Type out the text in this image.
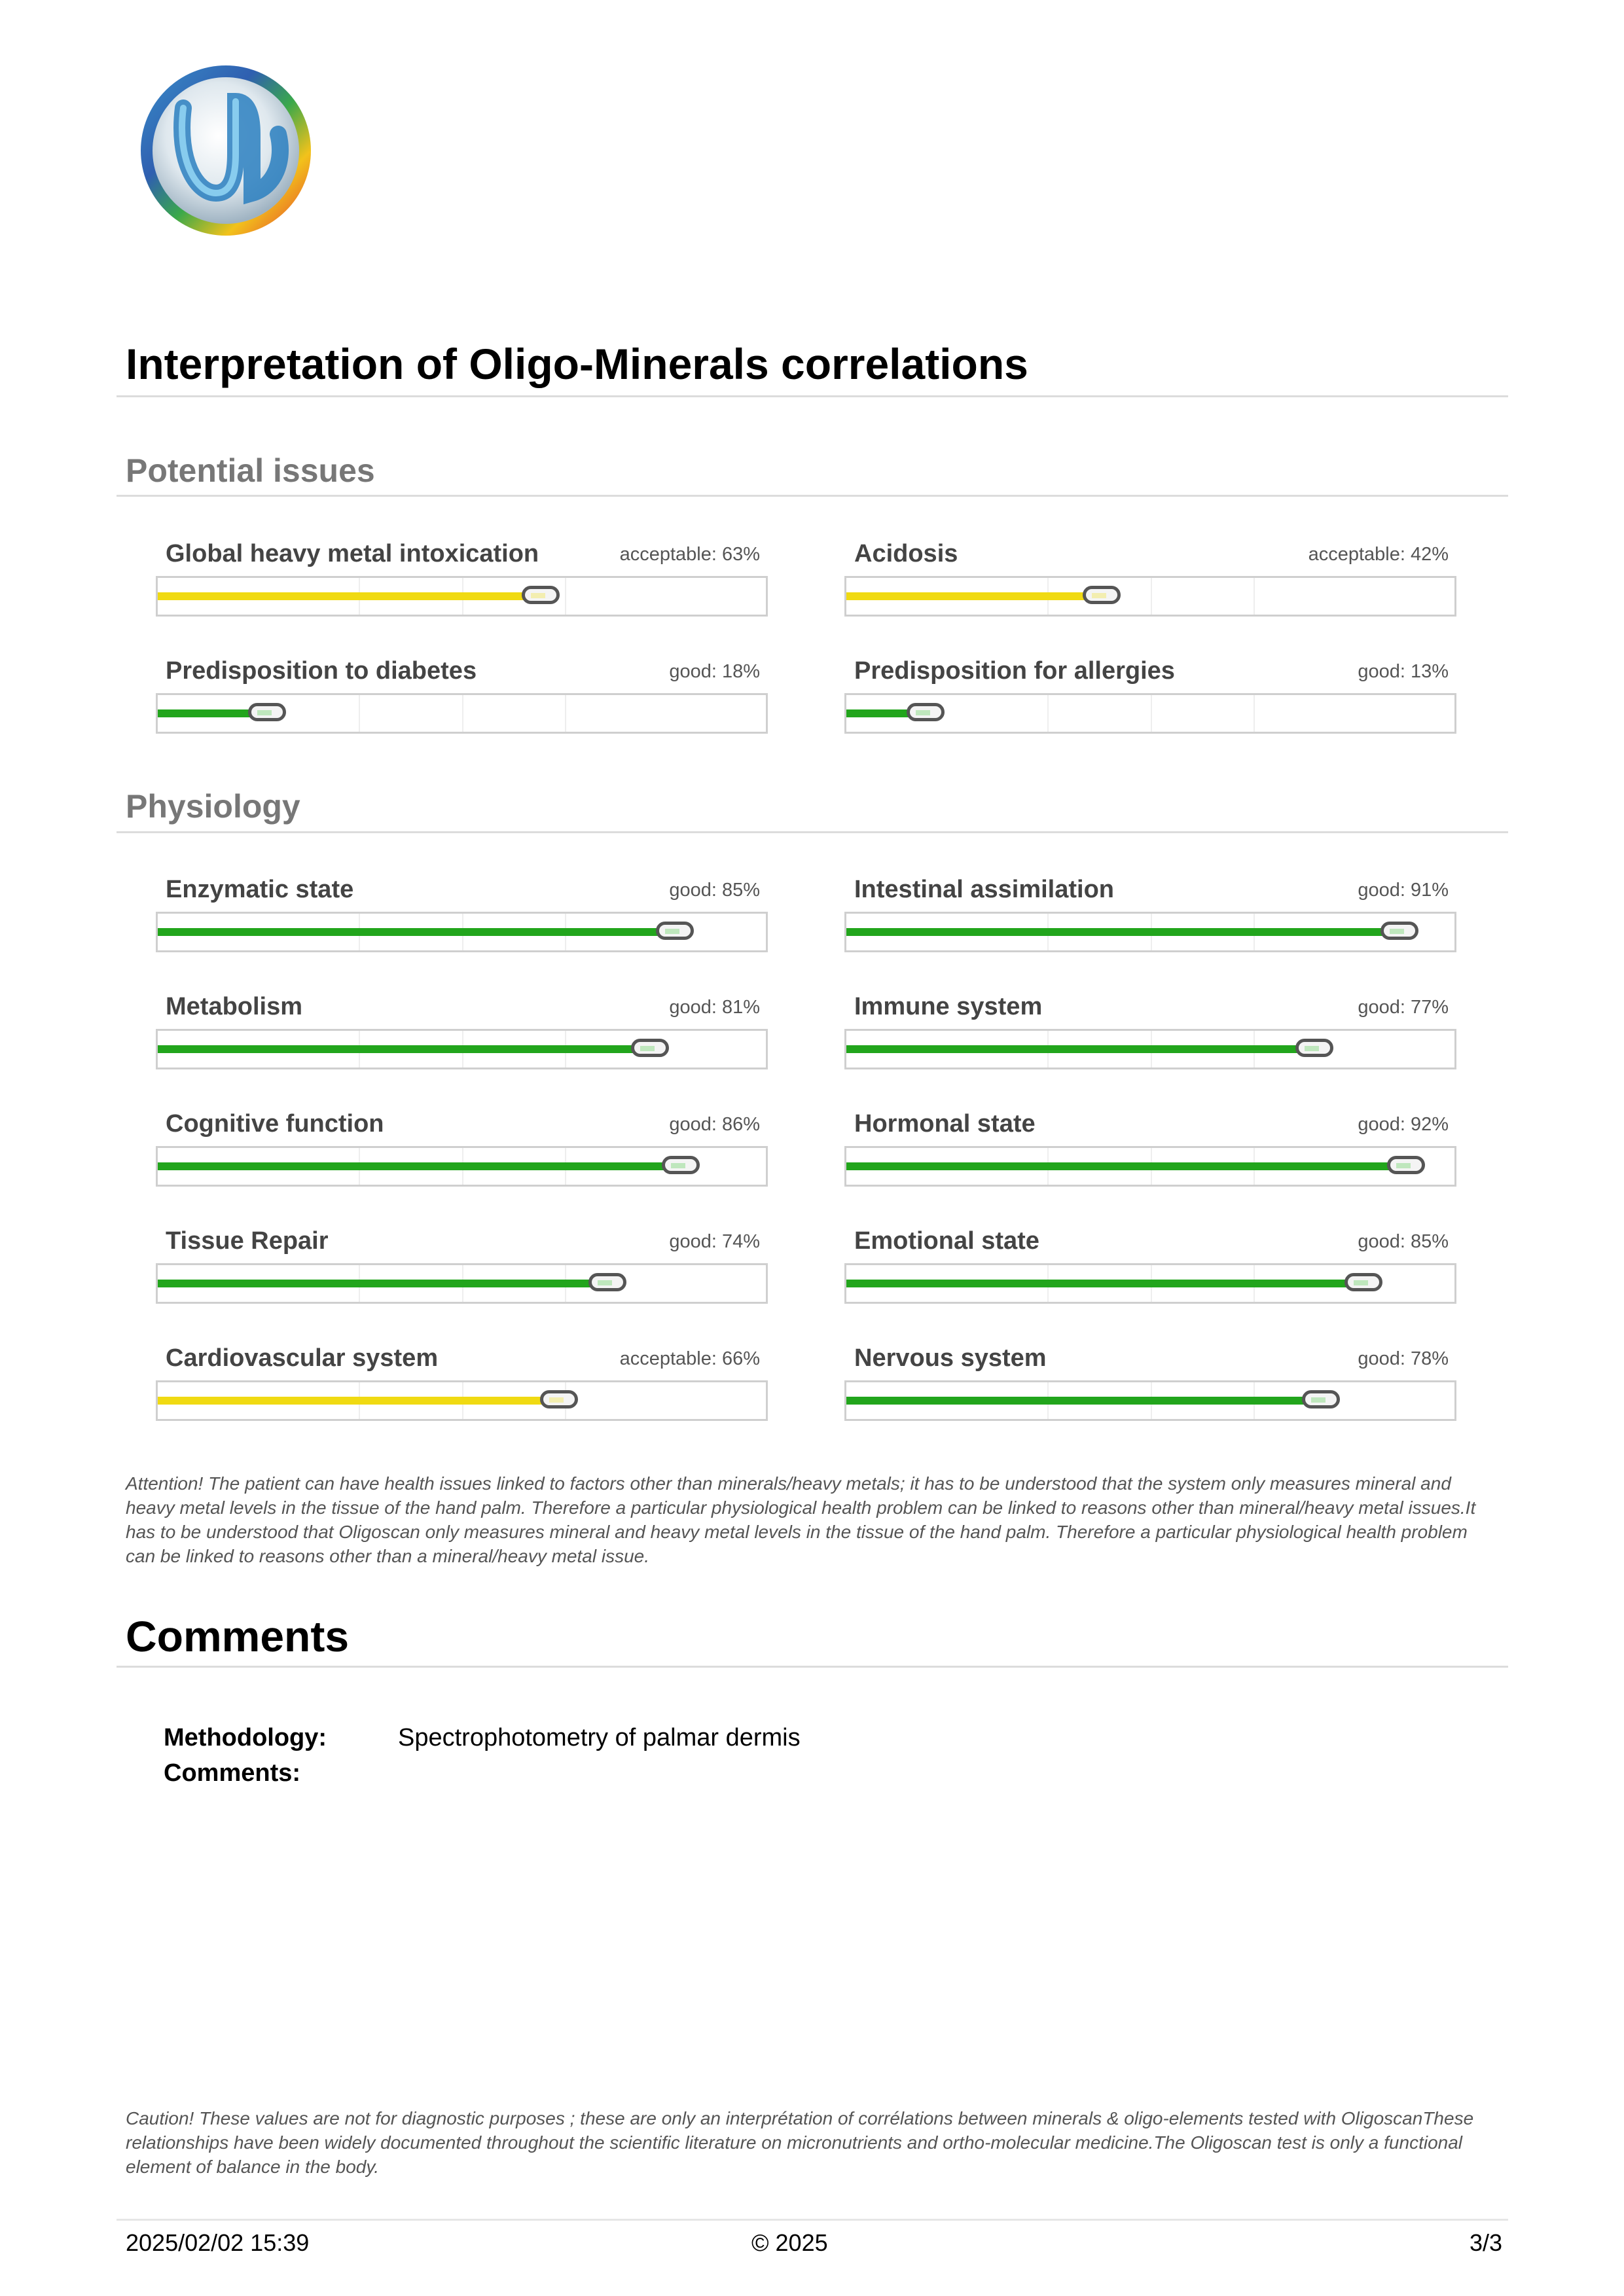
Interpretation of Oligo-Minerals correlations
Potential issues
Physiology
Global heavy metal intoxication	acceptable: 63%	Acidosis	acceptable: 42%
Predisposition to diabetes	good: 18%	Predisposition for allergies	good: 13%
Enzymatic state	good: 85%	Intestinal assimilation	good: 91%
Metabolism	good: 81%	Immune system	good: 77%
Cognitive function	good: 86%	Hormonal state	good: 92%
Tissue Repair	good: 74%	Emotional state	good: 85%
Cardiovascular system	acceptable: 66%	Nervous system	good: 78%
Attention! The patient can have health issues linked to factors other than minerals/heavy metals; it has to be understood that the system only measures mineral and heavy metal levels in the tissue of the hand palm. Therefore a particular physiological health problem can be linked to reasons other than mineral/heavy metal issues.It has to be understood that Oligoscan only measures mineral and heavy metal levels in the tissue of the hand palm. Therefore a particular physiological health problem can be linked to reasons other than a mineral/heavy metal issue.
Comments
Methodology:	Spectrophotometry of palmar dermis
Comments:
Caution! These values are not for diagnostic purposes ; these are only an interprétation of corrélations between minerals & oligo-elements tested with OligoscanThese relationships have been widely documented throughout the scientific literature on micronutrients and ortho-molecular medicine.The Oligoscan test is only a functional element of balance in the body.
2025/02/02 15:39	© 2025	3/3
